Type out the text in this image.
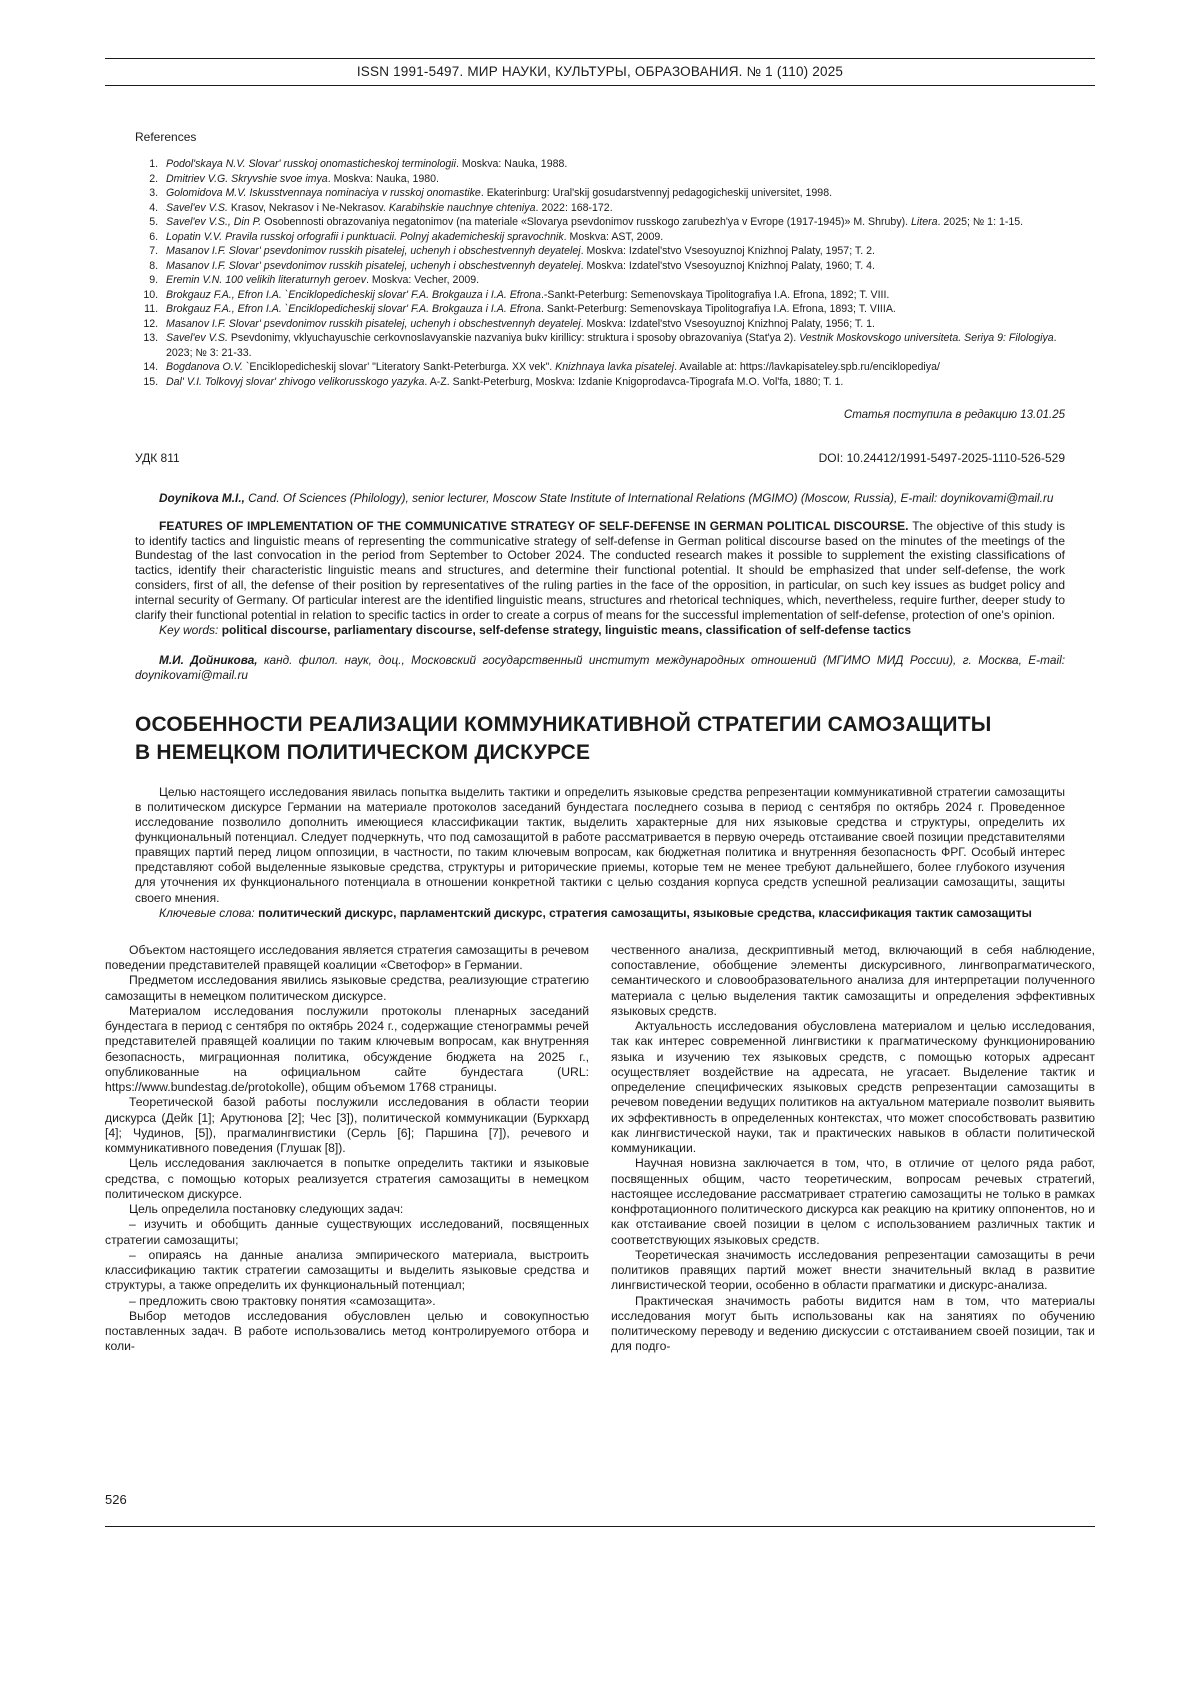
ISSN 1991-5497. МИР НАУКИ, КУЛЬТУРЫ, ОБРАЗОВАНИЯ. № 1 (110) 2025
References
1. Podol'skaya N.V. Slovar' russkoj onomasticheskoj terminologii. Moskva: Nauka, 1988.
2. Dmitriev V.G. Skryvshie svoe imya. Moskva: Nauka, 1980.
3. Golomidova M.V. Iskusstvennaya nominaciya v russkoj onomastike. Ekaterinburg: Ural'skij gosudarstvennyj pedagogicheskij universitet, 1998.
4. Savel'ev V.S. Krasov, Nekrasov i Ne-Nekrasov. Karabihskie nauchnye chteniya. 2022: 168-172.
5. Savel'ev V.S., Din P. Osobennosti obrazovaniya negatonimov (na materiale «Slovarya psevdonimov russkogo zarubezh'ya v Evrope (1917-1945)» M. Shruby). Litera. 2025; № 1: 1-15.
6. Lopatin V.V. Pravila russkoj orfografii i punktuacii. Polnyj akademicheskij spravochnik. Moskva: AST, 2009.
7. Masanov I.F. Slovar' psevdonimov russkih pisatelej, uchenyh i obschestvennyh deyatelej. Moskva: Izdatel'stvo Vsesoyuznoj Knizhnoj Palaty, 1957; T. 2.
8. Masanov I.F. Slovar' psevdonimov russkih pisatelej, uchenyh i obschestvennyh deyatelej. Moskva: Izdatel'stvo Vsesoyuznoj Knizhnoj Palaty, 1960; T. 4.
9. Eremin V.N. 100 velikih literaturnyh geroev. Moskva: Vecher, 2009.
10. Brokgauz F.A., Efron I.A. `Enciklopedicheskij slovar' F.A. Brokgauza i I.A. Efrona.-Sankt-Peterburg: Semenovskaya Tipolitografiya I.A. Efrona, 1892; T. VIII.
11. Brokgauz F.A., Efron I.A. `Enciklopedicheskij slovar' F.A. Brokgauza i I.A. Efrona. Sankt-Peterburg: Semenovskaya Tipolitografiya I.A. Efrona, 1893; T. VIIIA.
12. Masanov I.F. Slovar' psevdonimov russkih pisatelej, uchenyh i obschestvennyh deyatelej. Moskva: Izdatel'stvo Vsesoyuznoj Knizhnoj Palaty, 1956; T. 1.
13. Savel'ev V.S. Psevdonimy, vklyuchayuschie cerkovnoslavyanskie nazvaniya bukv kirillicy: struktura i sposoby obrazovaniya (Stat'ya 2). Vestnik Moskovskogo universiteta. Seriya 9: Filologiya. 2023; № 3: 21-33.
14. Bogdanova O.V. `Enciklopedicheskij slovar' "Literatory Sankt-Peterburga. XX vek". Knizhnaya lavka pisatelej. Available at: https://lavkapisateley.spb.ru/enciklopediya/
15. Dal' V.I. Tolkovyj slovar' zhivogo velikorusskogo yazyka. A-Z. Sankt-Peterburg, Moskva: Izdanie Knigoprodavca-Tipografa M.O. Vol'fa, 1880; T. 1.
Статья поступила в редакцию 13.01.25
УДК 811	DOI: 10.24412/1991-5497-2025-1110-526-529

Doynikova M.I., Cand. Of Sciences (Philology), senior lecturer, Moscow State Institute of International Relations (MGIMO) (Moscow, Russia), E-mail: doynikovami@mail.ru

FEATURES OF IMPLEMENTATION OF THE COMMUNICATIVE STRATEGY OF SELF-DEFENSE IN GERMAN POLITICAL DISCOURSE. The objective of this study is to identify tactics and linguistic means of representing the communicative strategy of self-defense in German political discourse based on the minutes of the meetings of the Bundestag of the last convocation in the period from September to October 2024. The conducted research makes it possible to supplement the existing classifications of tactics, identify their characteristic linguistic means and structures, and determine their functional potential. It should be emphasized that under self-defense, the work considers, first of all, the defense of their position by representatives of the ruling parties in the face of the opposition, in particular, on such key issues as budget policy and internal security of Germany. Of particular interest are the identified linguistic means, structures and rhetorical techniques, which, nevertheless, require further, deeper study to clarify their functional potential in relation to specific tactics in order to create a corpus of means for the successful implementation of self-defense, protection of one's opinion.

Key words: political discourse, parliamentary discourse, self-defense strategy, linguistic means, classification of self-defense tactics

М.И. Дойникова, канд. филол. наук, доц., Московский государственный институт международных отношений (МГИМО МИД России), г. Москва, E-mail: doynikovami@mail.ru

ОСОБЕННОСТИ РЕАЛИЗАЦИИ КОММУНИКАТИВНОЙ СТРАТЕГИИ САМОЗАЩИТЫ
В НЕМЕЦКОМ ПОЛИТИЧЕСКОМ ДИСКУРСЕ

Целью настоящего исследования явилась попытка выделить тактики и определить языковые средства репрезентации коммуникативной стратегии самозащиты в политическом дискурсе Германии на материале протоколов заседаний бундестага последнего созыва в период с сентября по октябрь 2024 г. Проведенное исследование позволило дополнить имеющиеся классификации тактик, выделить характерные для них языковые средства и структуры, определить их функциональный потенциал. Следует подчеркнуть, что под самозащитой в работе рассматривается в первую очередь отстаивание своей позиции представителями правящих партий перед лицом оппозиции, в частности, по таким ключевым вопросам, как бюджетная политика и внутренняя безопасность ФРГ. Особый интерес представляют собой выделенные языковые средства, структуры и риторические приемы, которые тем не менее требуют дальнейшего, более глубокого изучения для уточнения их функционального потенциала в отношении конкретной тактики с целью создания корпуса средств успешной реализации самозащиты, защиты своего мнения.

Ключевые слова: политический дискурс, парламентский дискурс, стратегия самозащиты, языковые средства, классификация тактик самозащиты

Объектом настоящего исследования является стратегия самозащиты в речевом поведении представителей правящей коалиции «Светофор» в Германии.

Предметом исследования явились языковые средства, реализующие стратегию самозащиты в немецком политическом дискурсе.

Материалом исследования послужили протоколы пленарных заседаний бундестага в период с сентября по октябрь 2024 г., содержащие стенограммы речей представителей правящей коалиции по таким ключевым вопросам, как внутренняя безопасность, миграционная политика, обсуждение бюджета на 2025 г., опубликованные на официальном сайте бундестага (URL: https://www.bundestag.de/protokolle), общим объемом 1768 страницы.

Теоретической базой работы послужили исследования в области теории дискурса (Дейк [1]; Арутюнова [2]; Чес [3]), политической коммуникации (Буркхард [4]; Чудинов, [5]), прагмалингвистики (Серль [6]; Паршина [7]), речевого и коммуникативного поведения (Глушак [8]).

Цель исследования заключается в попытке определить тактики и языковые средства, с помощью которых реализуется стратегия самозащиты в немецком политическом дискурсе.

Цель определила постановку следующих задач:

– изучить и обобщить данные существующих исследований, посвященных стратегии самозащиты;

– опираясь на данные анализа эмпирического материала, выстроить классификацию тактик стратегии самозащиты и выделить языковые средства и структуры, а также определить их функциональный потенциал;

– предложить свою трактовку понятия «самозащита».

Выбор методов исследования обусловлен целью и совокупностью поставленных задач. В работе использовались метод контролируемого отбора и коли-

чественного анализа, дескриптивный метод, включающий в себя наблюдение, сопоставление, обобщение элементы дискурсивного, лингвопрагматического, семантического и словообразовательного анализа для интерпретации полученного материала с целью выделения тактик самозащиты и определения эффективных языковых средств.

Актуальность исследования обусловлена материалом и целью исследования, так как интерес современной лингвистики к прагматическому функционированию языка и изучению тех языковых средств, с помощью которых адресант осуществляет воздействие на адресата, не угасает. Выделение тактик и определение специфических языковых средств репрезентации самозащиты в речевом поведении ведущих политиков на актуальном материале позволит выявить их эффективность в определенных контекстах, что может способствовать развитию как лингвистической науки, так и практических навыков в области политической коммуникации.

Научная новизна заключается в том, что, в отличие от целого ряда работ, посвященных общим, часто теоретическим, вопросам речевых стратегий, настоящее исследование рассматривает стратегию самозащиты не только в рамках конфротационного политического дискурса как реакцию на критику оппонентов, но и как отстаивание своей позиции в целом с использованием различных тактик и соответствующих языковых средств.

Теоретическая значимость исследования репрезентации самозащиты в речи политиков правящих партий может внести значительный вклад в развитие лингвистической теории, особенно в области прагматики и дискурс-анализа.

Практическая значимость работы видится нам в том, что материалы исследования могут быть использованы как на занятиях по обучению политическому переводу и ведению дискуссии с отстаиванием своей позиции, так и для подго-

526
